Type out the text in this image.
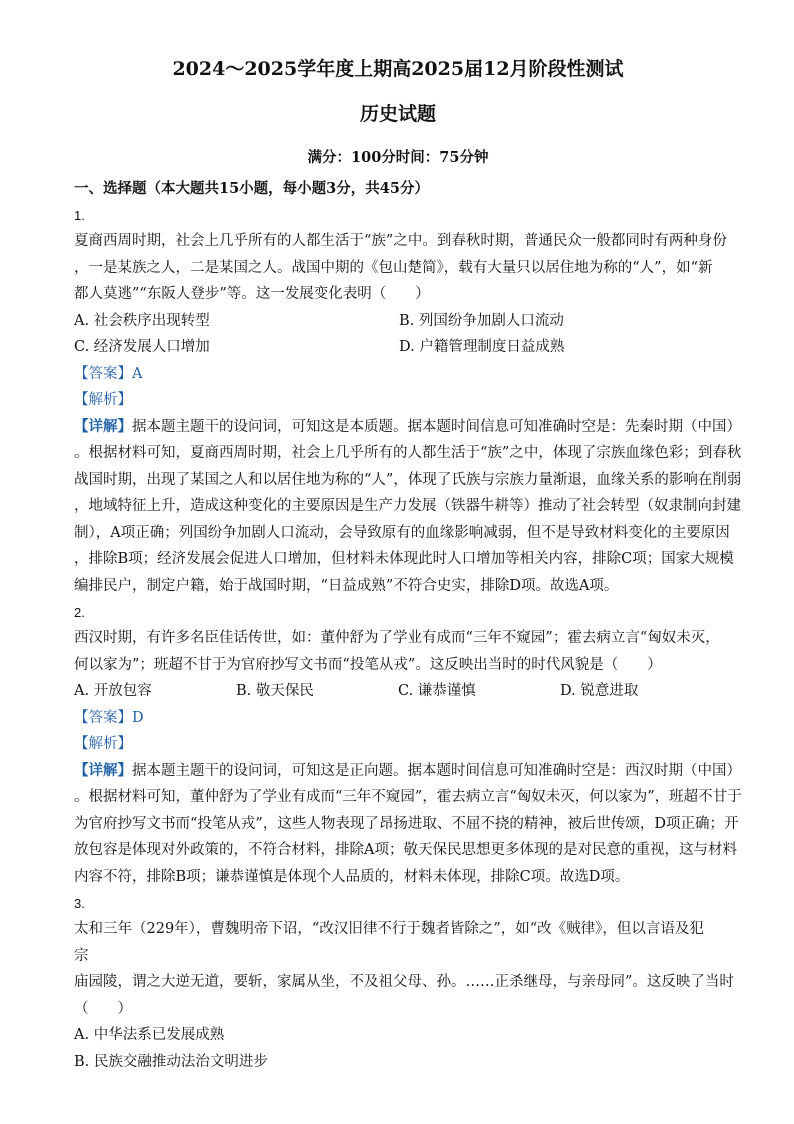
2024～2025学年度上期高2025届12月阶段性测试
历史试题
满分：100分时间：75分钟
一、选择题（本大题共15小题，每小题3分，共45分）
1.

夏商西周时期，社会上几乎所有的人都生活于“族”之中。到春秋时期，普通民众一般都同时有两种身份

，一是某族之人，二是某国之人。战国中期的《包山楚简》，载有大量只以居住地为称的“人”，如“新

都人莫逃”“东阪人登步”等。这一发展变化表明（　　）

A. 社会秩序出现转型	B. 列国纷争加剧人口流动
C. 经济发展人口增加	D. 户籍管理制度日益成熟

【答案】A

【解析】

【详解】据本题主题干的设问词，可知这是本质题。据本题时间信息可知准确时空是：先秦时期（中国）

。根据材料可知，夏商西周时期，社会上几乎所有的人都生活于“族”之中，体现了宗族血缘色彩；到春秋

战国时期，出现了某国之人和以居住地为称的“人”，体现了氏族与宗族力量渐退，血缘关系的影响在削弱

，地域特征上升，造成这种变化的主要原因是生产力发展（铁器牛耕等）推动了社会转型（奴隶制向封建

制），A项正确；列国纷争加剧人口流动，会导致原有的血缘影响减弱，但不是导致材料变化的主要原因

，排除B项；经济发展会促进人口增加，但材料未体现此时人口增加等相关内容，排除C项；国家大规模

编排民户，制定户籍，始于战国时期，“日益成熟”不符合史实，排除D项。故选A项。

2.

西汉时期，有许多名臣佳话传世，如：董仲舒为了学业有成而“三年不窥园”；霍去病立言“匈奴未灭，

何以家为”；班超不甘于为官府抄写文书而“投笔从戎”。这反映出当时的时代风貌是（　　）

A. 开放包容	B. 敬天保民	C. 谦恭谨慎	D. 锐意进取

【答案】D

【解析】

【详解】据本题主题干的设问词，可知这是正向题。据本题时间信息可知准确时空是：西汉时期（中国）

。根据材料可知，董仲舒为了学业有成而“三年不窥园”，霍去病立言“匈奴未灭，何以家为”，班超不甘于

为官府抄写文书而“投笔从戎”，这些人物表现了昂扬进取、不屈不挠的精神，被后世传颂，D项正确；开

放包容是体现对外政策的，不符合材料，排除A项；敬天保民思想更多体现的是对民意的重视，这与材料

内容不符，排除B项；谦恭谨慎是体现个人品质的，材料未体现，排除C项。故选D项。

3.

太和三年（229年），曹魏明帝下诏，“改汉旧律不行于魏者皆除之”，如“改《贼律》，但以言语及犯

宗

庙园陵，谓之大逆无道，要斩，家属从坐，不及祖父母、孙。……正杀继母，与亲母同”。这反映了当时

（　　）

A. 中华法系已发展成熟

B. 民族交融推动法治文明进步
